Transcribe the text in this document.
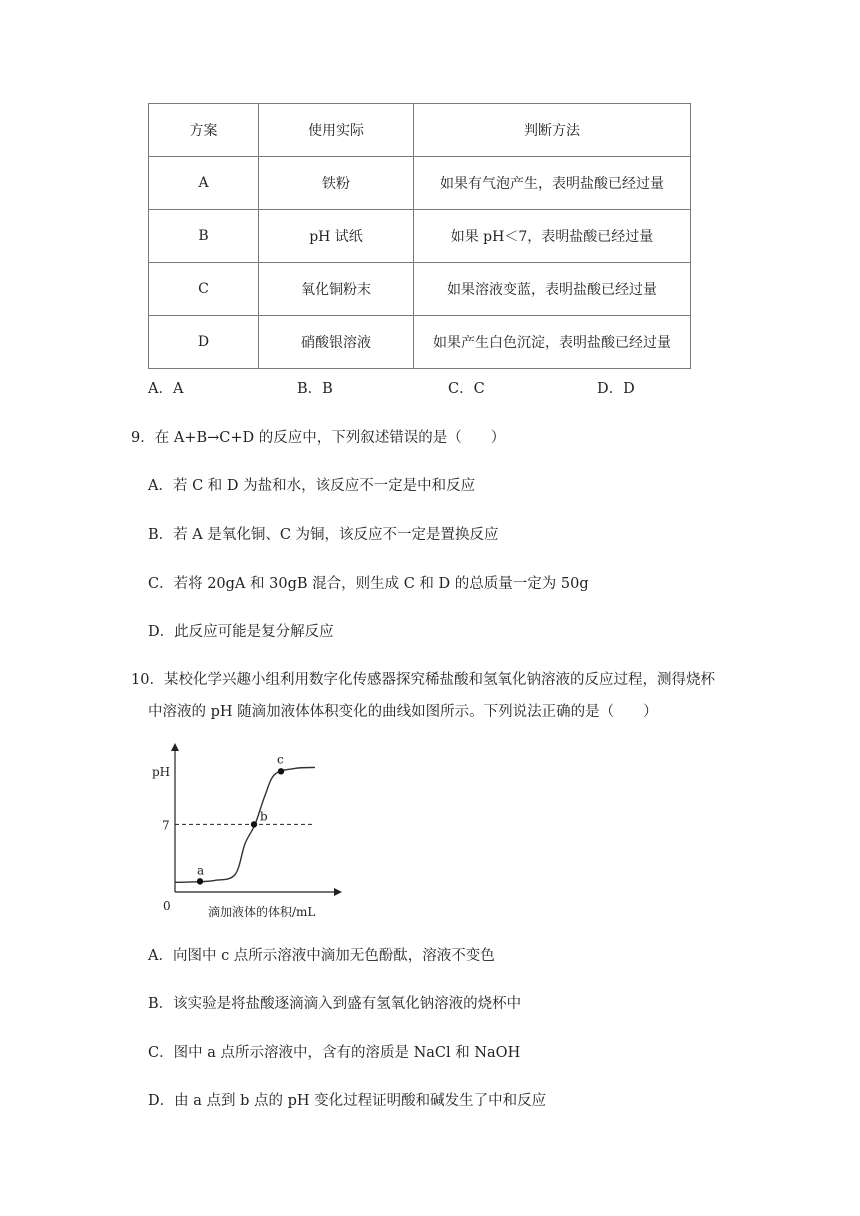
方案	使用实际	判断方法
A	铁粉	如果有气泡产生，表明盐酸已经过量
B	pH 试纸	如果 pH＜7，表明盐酸已经过量
C	氧化铜粉末	如果溶液变蓝，表明盐酸已经过量
D	硝酸银溶液	如果产生白色沉淀，表明盐酸已经过量
A．A	B．B	C．C	D．D
9．在 A+B→C+D 的反应中，下列叙述错误的是（　　）
A．若 C 和 D 为盐和水，该反应不一定是中和反应
B．若 A 是氧化铜、C 为铜，该反应不一定是置换反应
C．若将 20gA 和 30gB 混合，则生成 C 和 D 的总质量一定为 50g
D．此反应可能是复分解反应
10．某校化学兴趣小组利用数字化传感器探究稀盐酸和氢氧化钠溶液的反应过程，测得烧杯
中溶液的 pH 随滴加液体体积变化的曲线如图所示。下列说法正确的是（　　）
pH
0	滴加液体的体积/mL
7
a
b
c
A．向图中 c 点所示溶液中滴加无色酚酞，溶液不变色
B．该实验是将盐酸逐滴滴入到盛有氢氧化钠溶液的烧杯中
C．图中 a 点所示溶液中，含有的溶质是 NaCl 和 NaOH
D．由 a 点到 b 点的 pH 变化过程证明酸和碱发生了中和反应
